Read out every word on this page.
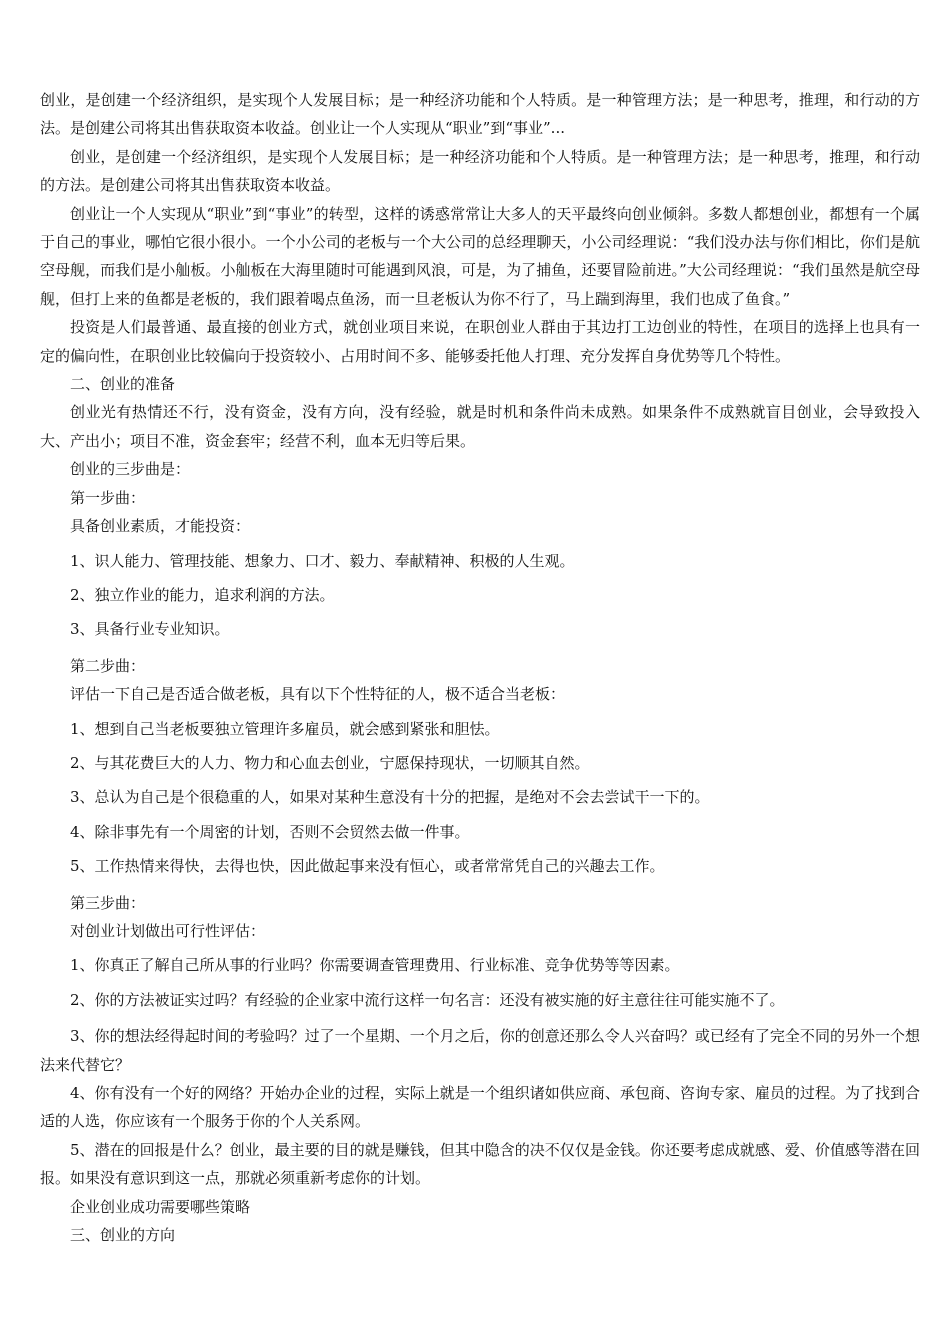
创业，是创建一个经济组织，是实现个人发展目标；是一种经济功能和个人特质。是一种管理方法；是一种思考，推理，和行动的方法。是创建公司将其出售获取资本收益。创业让一个人实现从“职业”到“事业”...

创业，是创建一个经济组织，是实现个人发展目标；是一种经济功能和个人特质。是一种管理方法；是一种思考，推理，和行动的方法。是创建公司将其出售获取资本收益。

创业让一个人实现从“职业”到“事业”的转型，这样的诱惑常常让大多人的天平最终向创业倾斜。多数人都想创业，都想有一个属于自己的事业，哪怕它很小很小。一个小公司的老板与一个大公司的总经理聊天，小公司经理说：“我们没办法与你们相比，你们是航空母舰，而我们是小舢板。小舢板在大海里随时可能遇到风浪，可是，为了捕鱼，还要冒险前进。”大公司经理说：“我们虽然是航空母舰，但打上来的鱼都是老板的，我们跟着喝点鱼汤，而一旦老板认为你不行了，马上踹到海里，我们也成了鱼食。”

投资是人们最普通、最直接的创业方式，就创业项目来说，在职创业人群由于其边打工边创业的特性，在项目的选择上也具有一定的偏向性，在职创业比较偏向于投资较小、占用时间不多、能够委托他人打理、充分发挥自身优势等几个特性。

二、创业的准备

创业光有热情还不行，没有资金，没有方向，没有经验，就是时机和条件尚未成熟。如果条件不成熟就盲目创业，会导致投入大、产出小；项目不准，资金套牢；经营不利，血本无归等后果。

创业的三步曲是：

第一步曲：

具备创业素质，才能投资：

1、识人能力、管理技能、想象力、口才、毅力、奉献精神、积极的人生观。

2、独立作业的能力，追求利润的方法。

3、具备行业专业知识。

第二步曲：

评估一下自己是否适合做老板，具有以下个性特征的人，极不适合当老板：

1、想到自己当老板要独立管理许多雇员，就会感到紧张和胆怯。

2、与其花费巨大的人力、物力和心血去创业，宁愿保持现状，一切顺其自然。

3、总认为自己是个很稳重的人，如果对某种生意没有十分的把握，是绝对不会去尝试干一下的。

4、除非事先有一个周密的计划，否则不会贸然去做一件事。

5、工作热情来得快，去得也快，因此做起事来没有恒心，或者常常凭自己的兴趣去工作。

第三步曲：

对创业计划做出可行性评估：

1、你真正了解自己所从事的行业吗？你需要调查管理费用、行业标准、竞争优势等等因素。

2、你的方法被证实过吗？有经验的企业家中流行这样一句名言：还没有被实施的好主意往往可能实施不了。

3、你的想法经得起时间的考验吗？过了一个星期、一个月之后，你的创意还那么令人兴奋吗？或已经有了完全不同的另外一个想法来代替它？

4、你有没有一个好的网络？开始办企业的过程，实际上就是一个组织诸如供应商、承包商、咨询专家、雇员的过程。为了找到合适的人选，你应该有一个服务于你的个人关系网。

5、潜在的回报是什么？创业，最主要的目的就是赚钱，但其中隐含的决不仅仅是金钱。你还要考虑成就感、爱、价值感等潜在回报。如果没有意识到这一点，那就必须重新考虑你的计划。

企业创业成功需要哪些策略

三、创业的方向
